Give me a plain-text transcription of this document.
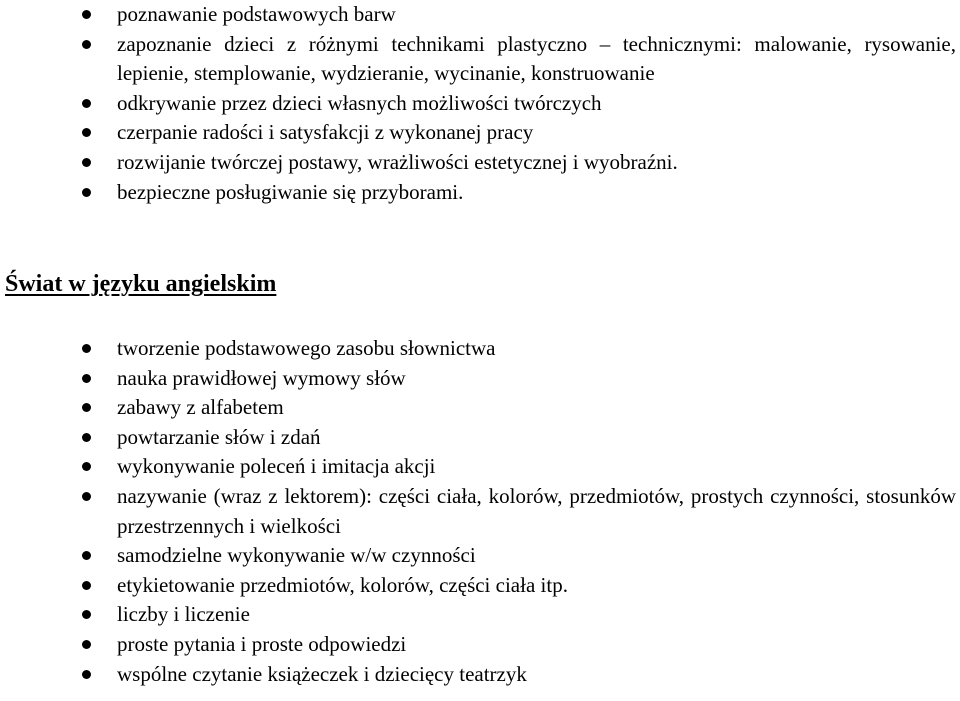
poznawanie podstawowych barw
zapoznanie dzieci z różnymi technikami plastyczno – technicznymi: malowanie, rysowanie, lepienie, stemplowanie, wydzieranie, wycinanie, konstruowanie
odkrywanie przez dzieci własnych możliwości twórczych
czerpanie radości i satysfakcji z wykonanej pracy
rozwijanie twórczej postawy, wrażliwości estetycznej i wyobraźni.
bezpieczne posługiwanie się przyborami.
Świat w języku angielskim
tworzenie podstawowego zasobu słownictwa
nauka prawidłowej wymowy słów
zabawy z alfabetem
powtarzanie słów i zdań
wykonywanie poleceń i imitacja akcji
nazywanie (wraz z lektorem): części ciała, kolorów, przedmiotów, prostych czynności, stosunków przestrzennych i wielkości
samodzielne wykonywanie w/w czynności
etykietowanie przedmiotów, kolorów, części ciała itp.
liczby i liczenie
proste pytania i proste odpowiedzi
wspólne czytanie książeczek i dziecięcy teatrzyk
